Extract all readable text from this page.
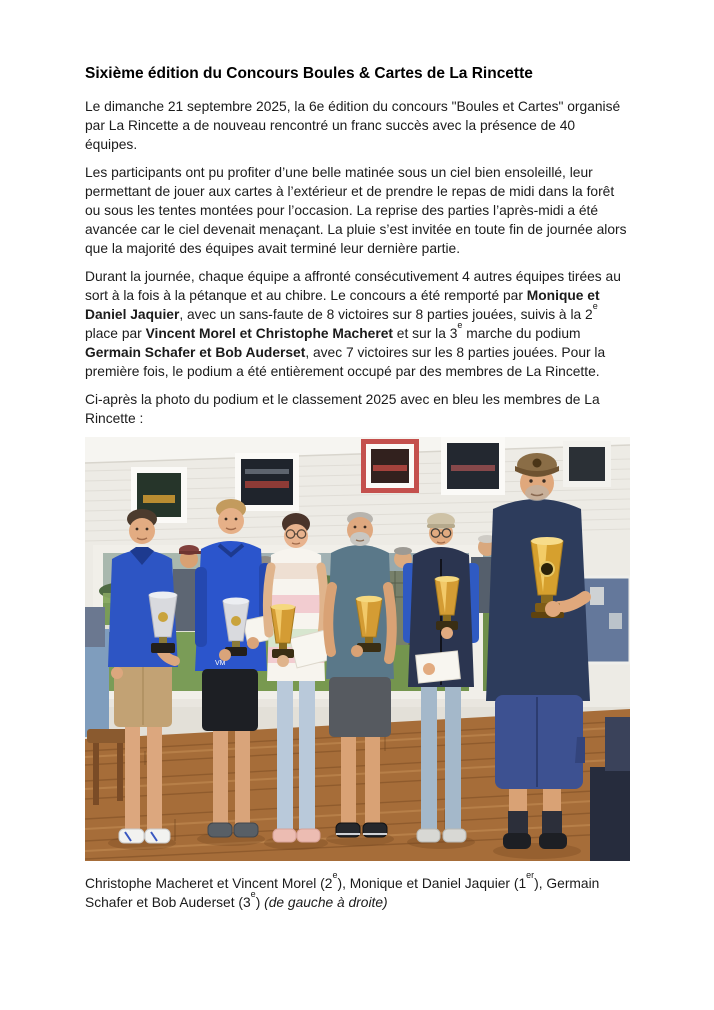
Sixième édition du Concours Boules & Cartes de La Rincette

Le dimanche 21 septembre 2025, la 6e édition du concours "Boules et Cartes" organisé par La Rincette a de nouveau rencontré un franc succès avec la présence de 40 équipes.

Les participants ont pu profiter d’une belle matinée sous un ciel bien ensoleillé, leur permettant de jouer aux cartes à l’extérieur et de prendre le repas de midi dans la forêt ou sous les tentes montées pour l’occasion. La reprise des parties l’après-midi a été avancée car le ciel devenait menaçant. La pluie s’est invitée en toute fin de journée alors que la majorité des équipes avait terminé leur dernière partie.

Durant la journée, chaque équipe a affronté consécutivement 4 autres équipes tirées au sort à la fois à la pétanque et au chibre. Le concours a été remporté par Monique et Daniel Jaquier, avec un sans-faute de 8 victoires sur 8 parties jouées, suivis à la 2e place par Vincent Morel et Christophe Macheret et sur la 3e marche du podium Germain Schafer et Bob Auderset, avec 7 victoires sur les 8 parties jouées. Pour la première fois, le podium a été entièrement occupé par des membres de La Rincette.

Ci-après la photo du podium et le classement 2025 avec en bleu les membres de La Rincette :

VM

Christophe Macheret et Vincent Morel (2e), Monique et Daniel Jaquier (1er), Germain Schafer et Bob Auderset (3e) (de gauche à droite)
